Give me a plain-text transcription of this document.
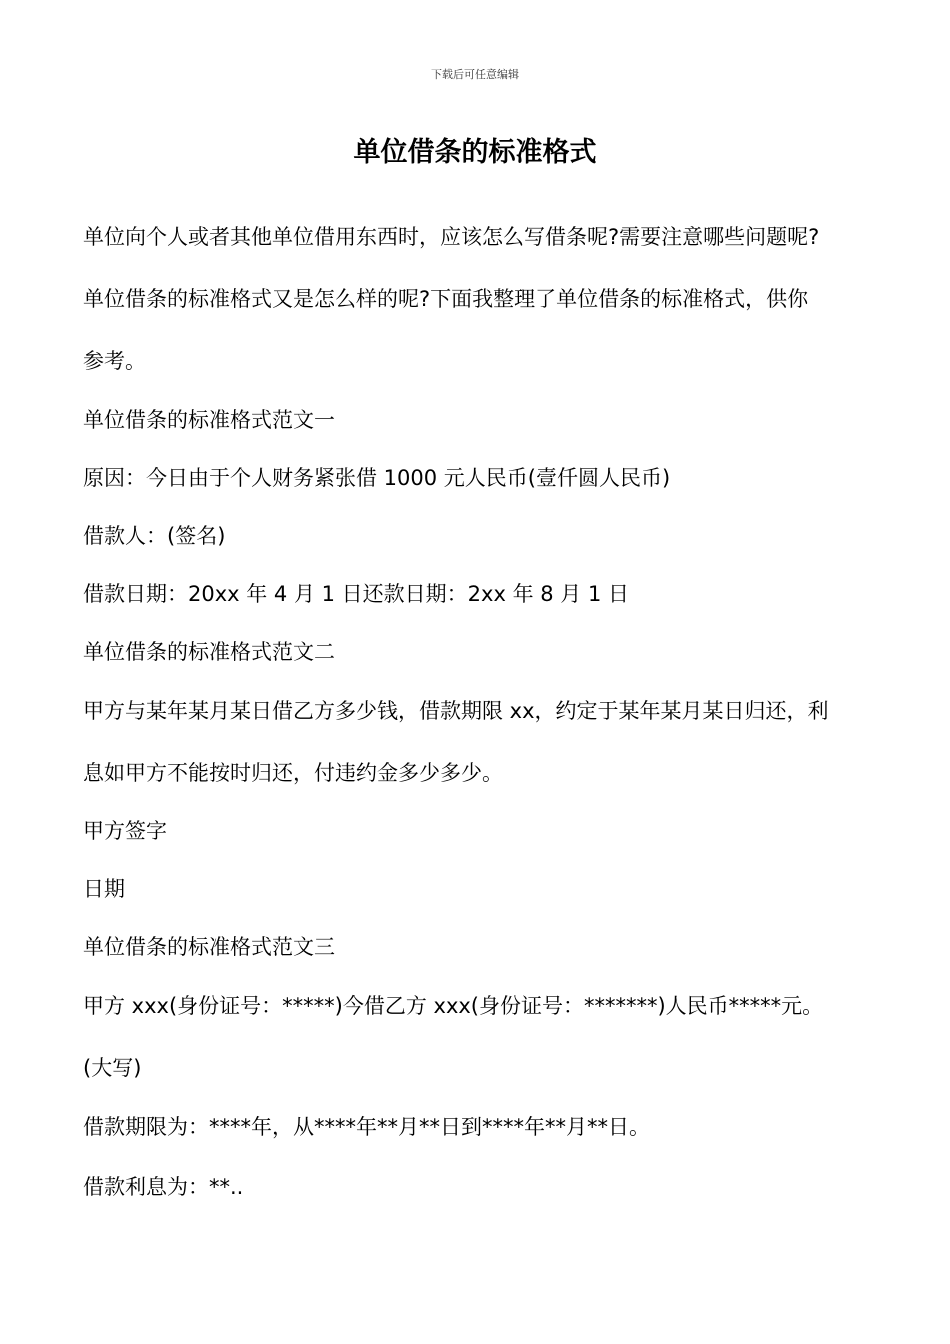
下载后可任意编辑
单位借条的标准格式

单位向个人或者其他单位借用东西时，应该怎么写借条呢?需要注意哪些问题呢?

单位借条的标准格式又是怎么样的呢?下面我整理了单位借条的标准格式，供你

参考。

单位借条的标准格式范文一

原因：今日由于个人财务紧张借 1000 元人民币(壹仟圆人民币)

借款人：(签名)

借款日期：20xx 年 4 月 1 日还款日期：2xx 年 8 月 1 日

单位借条的标准格式范文二

甲方与某年某月某日借乙方多少钱，借款期限 xx，约定于某年某月某日归还，利

息如甲方不能按时归还，付违约金多少多少。

甲方签字

日期

单位借条的标准格式范文三

甲方 xxx(身份证号：*****)今借乙方 xxx(身份证号：*******)人民币*****元。

(大写)

借款期限为：****年，从****年**月**日到****年**月**日。

借款利息为：**..
